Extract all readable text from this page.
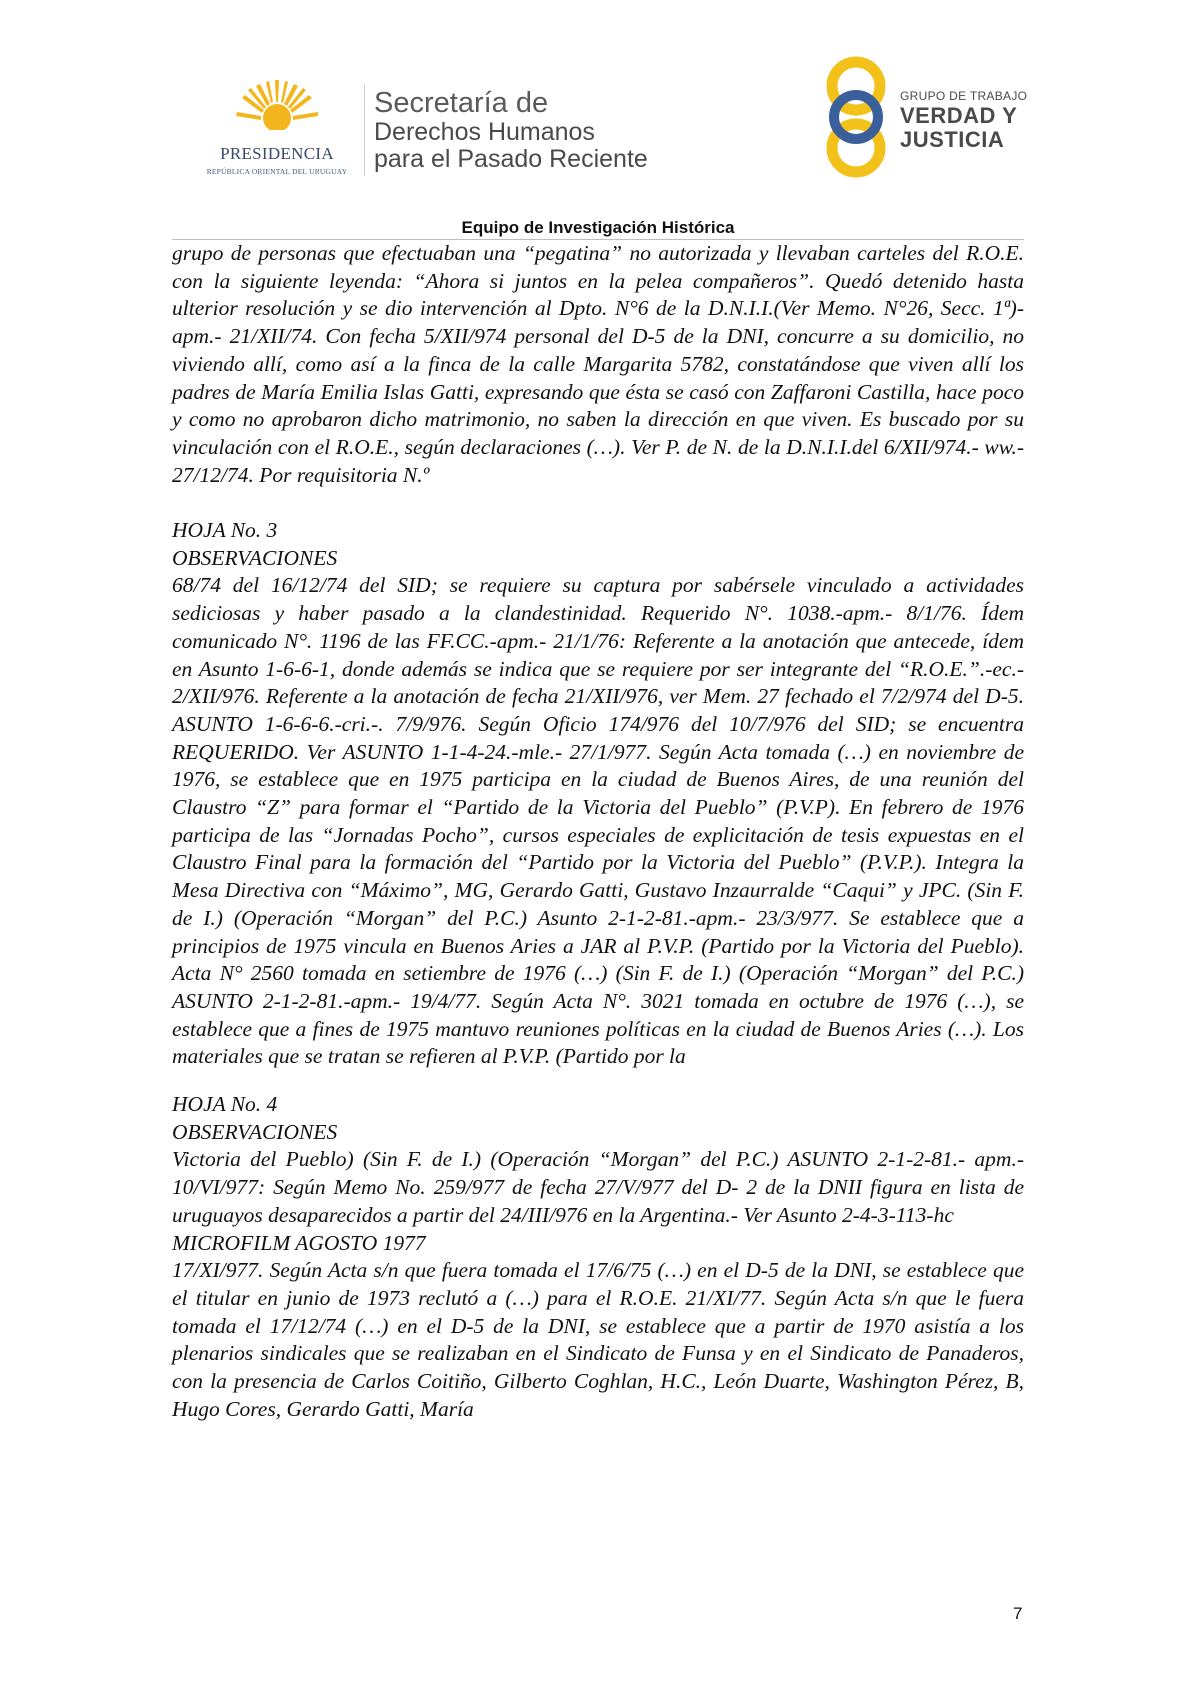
PRESIDENCIA
REPÚBLICA ORIENTAL DEL URUGUAY
Secretaría de
Derechos Humanos
para el Pasado Reciente
GRUPO DE TRABAJO
VERDAD Y
JUSTICIA
Equipo de Investigación Histórica

grupo de personas que efectuaban una “pegatina” no autorizada y llevaban carteles del R.O.E. con la siguiente leyenda: “Ahora si juntos en la pelea compañeros”. Quedó detenido hasta ulterior resolución y se dio intervención al Dpto. N°6 de la D.N.I.I.(Ver Memo. N°26, Secc. 1ª)- apm.- 21/XII/74. Con fecha 5/XII/974 personal del D-5 de la DNI, concurre a su domicilio, no viviendo allí, como así a la finca de la calle Margarita 5782, constatándose que viven allí los padres de María Emilia Islas Gatti, expresando que ésta se casó con Zaffaroni Castilla, hace poco y como no aprobaron dicho matrimonio, no saben la dirección en que viven. Es buscado por su vinculación con el R.O.E., según declaraciones (…). Ver P. de N. de la D.N.I.I.del 6/XII/974.- ww.- 27/12/74. Por requisitoria N.º

HOJA No. 3

OBSERVACIONES

68/74 del 16/12/74 del SID; se requiere su captura por sabérsele vinculado a actividades sediciosas y haber pasado a la clandestinidad. Requerido N°. 1038.-apm.- 8/1/76. Ídem comunicado N°. 1196 de las FF.CC.-apm.- 21/1/76: Referente a la anotación que antecede, ídem en Asunto 1-6-6-1, donde además se indica que se requiere por ser integrante del “R.O.E.”.-ec.- 2/XII/976. Referente a la anotación de fecha 21/XII/976, ver Mem. 27 fechado el 7/2/974 del D-5. ASUNTO 1-6-6-6.-cri.-. 7/9/976. Según Oficio 174/976 del 10/7/976 del SID; se encuentra REQUERIDO. Ver ASUNTO 1-1-4-24.-mle.- 27/1/977. Según Acta tomada (…) en noviembre de 1976, se establece que en 1975 participa en la ciudad de Buenos Aires, de una reunión del Claustro “Z” para formar el “Partido de la Victoria del Pueblo” (P.V.P). En febrero de 1976 participa de las “Jornadas Pocho”, cursos especiales de explicitación de tesis expuestas en el Claustro Final para la formación del “Partido por la Victoria del Pueblo” (P.V.P.). Integra la Mesa Directiva con “Máximo”, MG, Gerardo Gatti, Gustavo Inzaurralde “Caqui” y JPC. (Sin F. de I.) (Operación “Morgan” del P.C.) Asunto 2-1-2-81.-apm.- 23/3/977. Se establece que a principios de 1975 vincula en Buenos Aries a JAR al P.V.P. (Partido por la Victoria del Pueblo). Acta N° 2560 tomada en setiembre de 1976 (…) (Sin F. de I.) (Operación “Morgan” del P.C.) ASUNTO 2-1-2-81.-apm.- 19/4/77. Según Acta N°. 3021 tomada en octubre de 1976 (…), se establece que a fines de 1975 mantuvo reuniones políticas en la ciudad de Buenos Aries (…). Los materiales que se tratan se refieren al P.V.P. (Partido por la

HOJA No. 4

OBSERVACIONES

Victoria del Pueblo) (Sin F. de I.) (Operación “Morgan” del P.C.) ASUNTO 2-1-2-81.- apm.- 10/VI/977: Según Memo No. 259/977 de fecha 27/V/977 del D- 2 de la DNII figura en lista de uruguayos desaparecidos a partir del 24/III/976 en la Argentina.- Ver Asunto 2-4-3-113-hc

MICROFILM AGOSTO 1977

17/XI/977. Según Acta s/n que fuera tomada el 17/6/75 (…) en el D-5 de la DNI, se establece que el titular en junio de 1973 reclutó a (…) para el R.O.E. 21/XI/77. Según Acta s/n que le fuera tomada el 17/12/74 (…) en el D-5 de la DNI, se establece que a partir de 1970 asistía a los plenarios sindicales que se realizaban en el Sindicato de Funsa y en el Sindicato de Panaderos, con la presencia de Carlos Coitiño, Gilberto Coghlan, H.C., León Duarte, Washington Pérez, B, Hugo Cores, Gerardo Gatti, María

7
